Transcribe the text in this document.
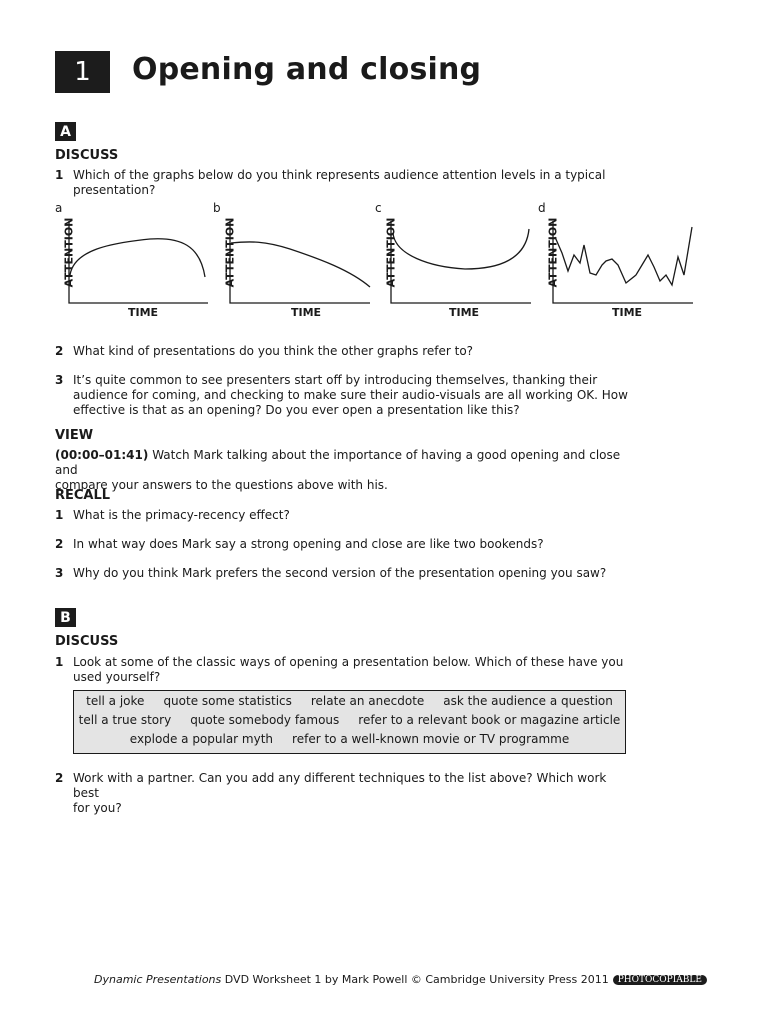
1	Opening and closing
A
DISCUSS
1 Which of the graphs below do you think represents audience attention levels in a typical
presentation?
a	b	c	d
ATTENTION	ATTENTION	ATTENTION	ATTENTION
TIME	TIME	TIME	TIME
2 What kind of presentations do you think the other graphs refer to?
3 It’s quite common to see presenters start off by introducing themselves, thanking their
audience for coming, and checking to make sure their audio-visuals are all working OK. How
effective is that as an opening? Do you ever open a presentation like this?
VIEW
(00:00–01:41) Watch Mark talking about the importance of having a good opening and close and
compare your answers to the questions above with his.
RECALL
1 What is the primacy-recency effect?
2 In what way does Mark say a strong opening and close are like two bookends?
3 Why do you think Mark prefers the second version of the presentation opening you saw?
B
DISCUSS
1 Look at some of the classic ways of opening a presentation below. Which of these have you
used yourself?
tell a joke quote some statistics relate an anecdote ask the audience a question
tell a true story quote somebody famous refer to a relevant book or magazine article
explode a popular myth refer to a well-known movie or TV programme
2 Work with a partner. Can you add any different techniques to the list above? Which work best
for you?
Dynamic Presentations DVD Worksheet 1 by Mark Powell © Cambridge University Press 2011 PHOTOCOPIABLE
